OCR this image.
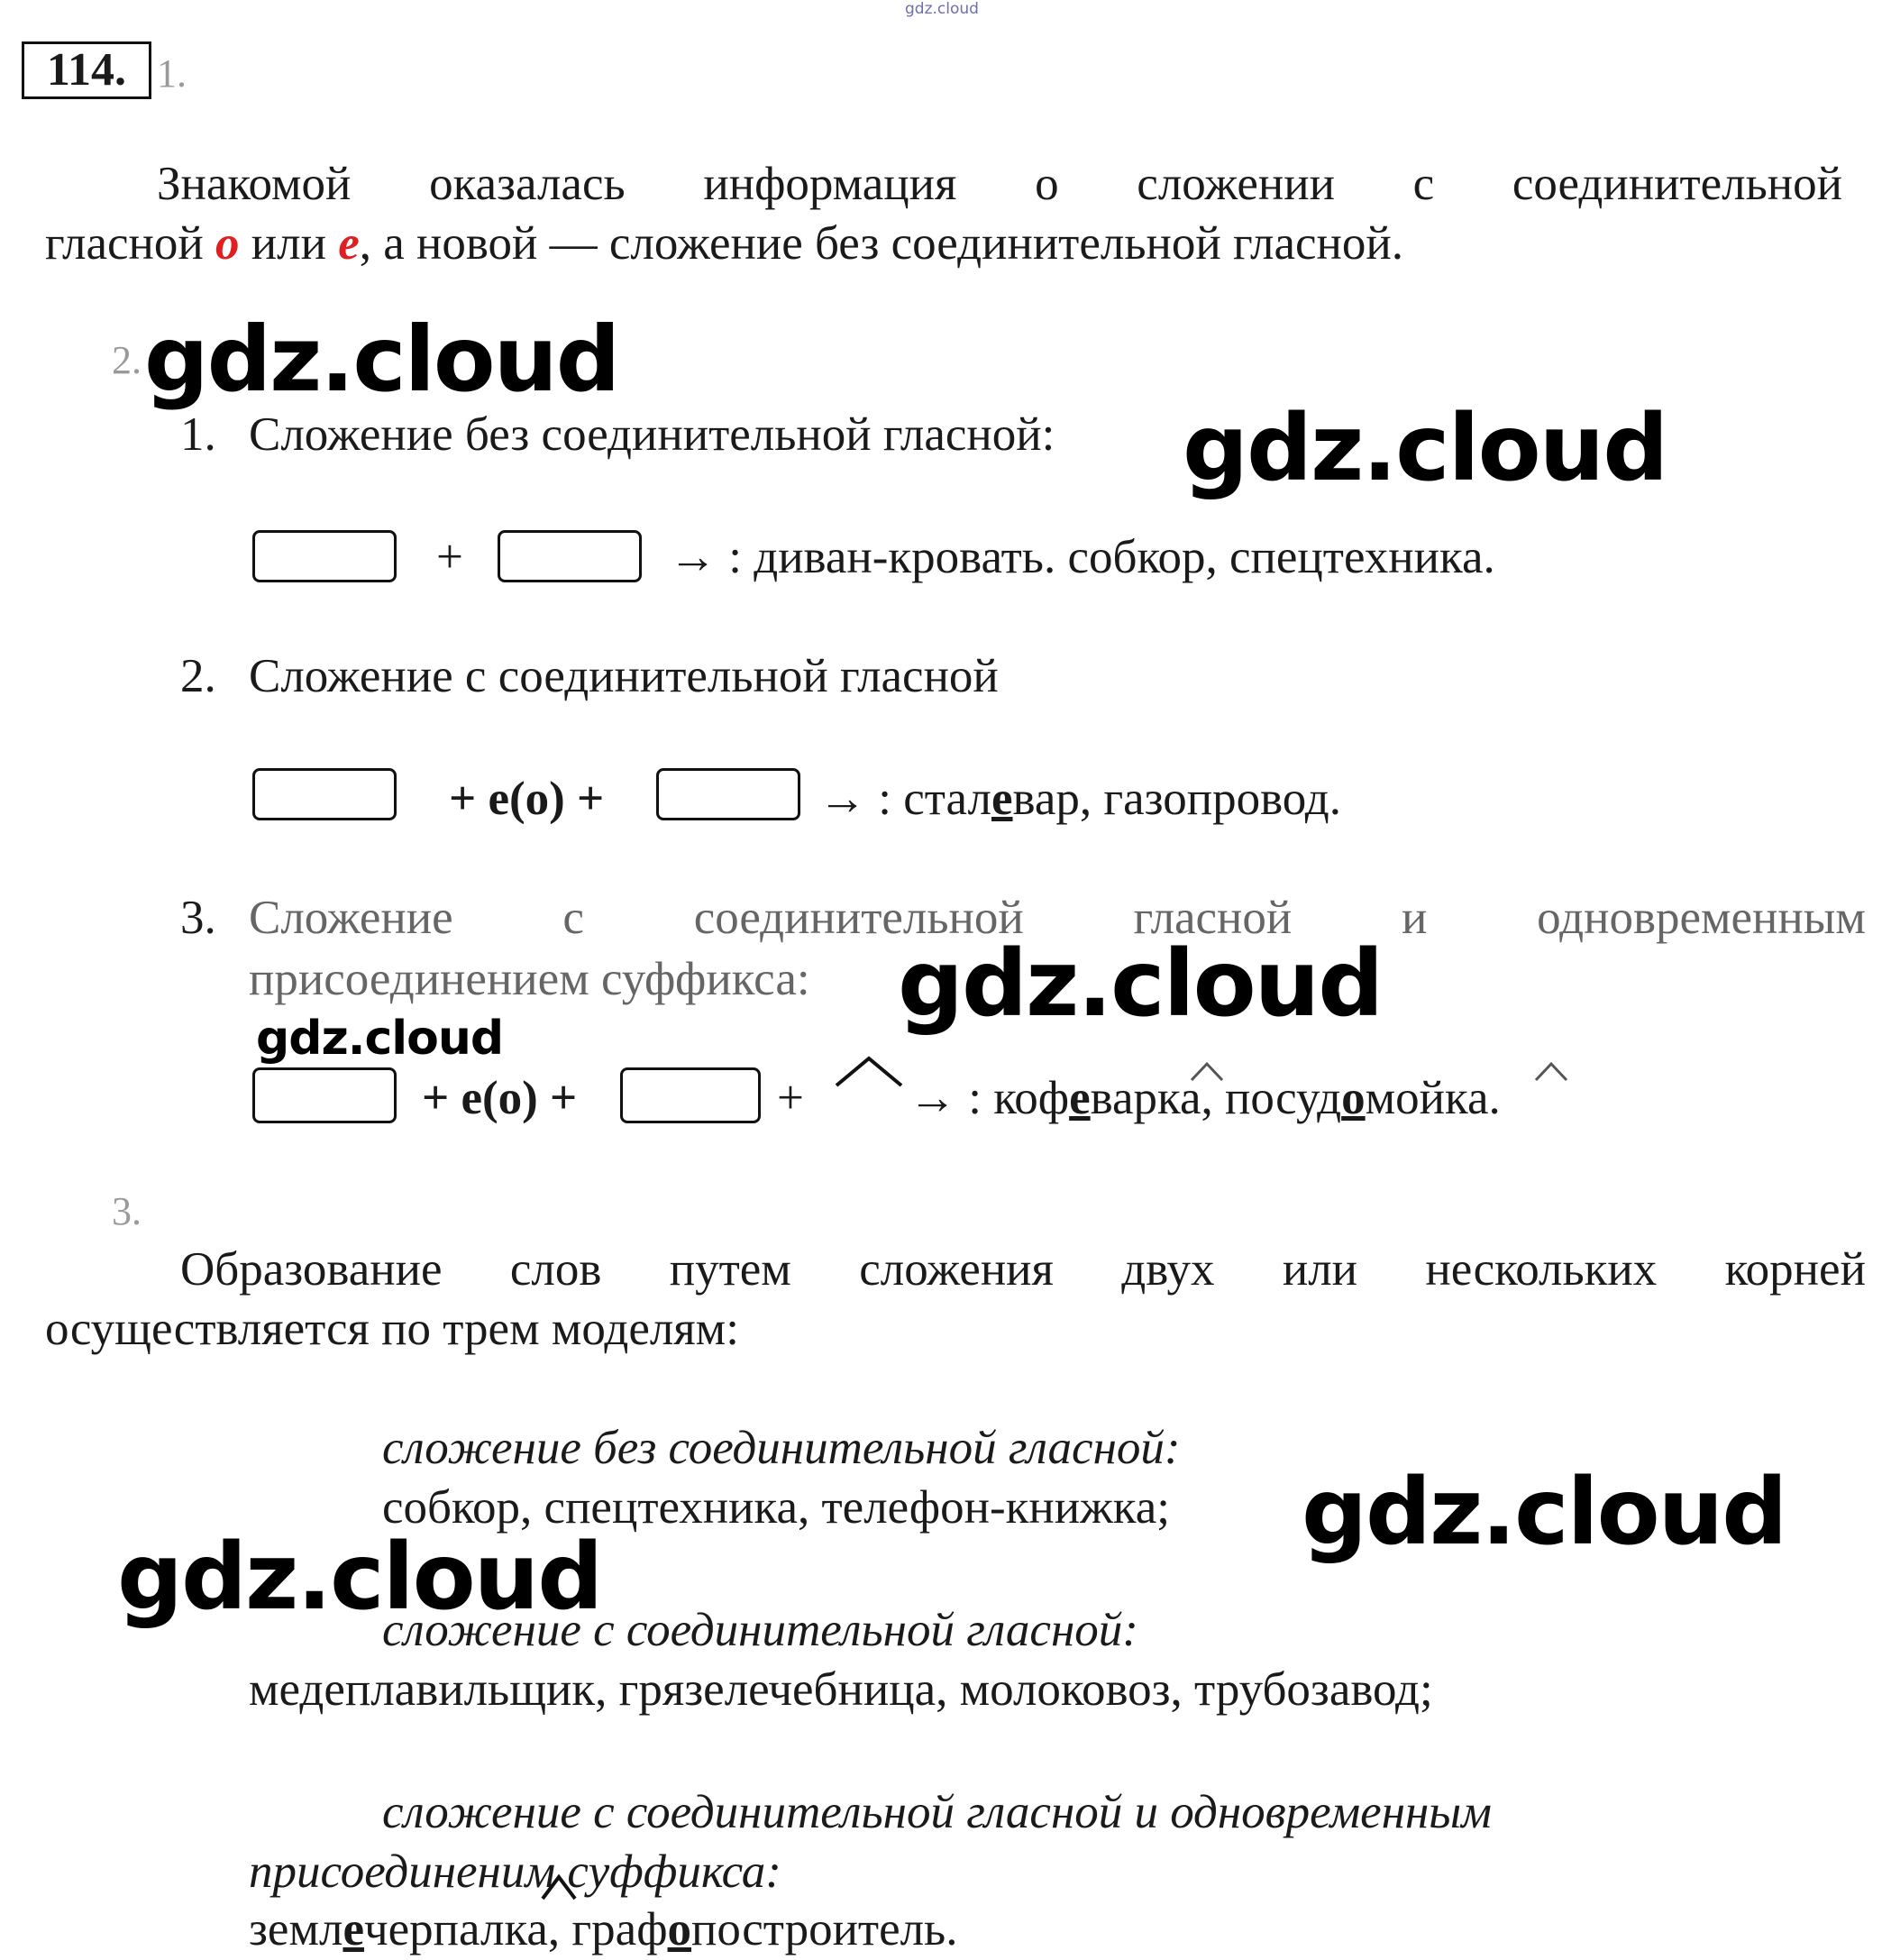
gdz.cloud
114. 1.
Знакомой оказалась информация о сложении с соединительной
гласной о или е, а новой — сложение без соединительной гласной.
2. gdz.cloud
1. Сложение без соединительной гласной: gdz.cloud
+	→ : диван-кровать. собкор, спецтехника.
2. Сложение с соединительной гласной
+ е(о) +	→ : сталевар, газопровод.
3. Сложение с соединительной гласной и одновременным
присоединением суффикса: gdz.cloud
gdz.cloud
+ е(о) +	+ → : кофеварка, посудомойка.
3.
Образование слов путем сложения двух или нескольких корней
осуществляется по трем моделям:
сложение без соединительной гласной:
собкор, спецтехника, телефон-книжка; gdz.cloud
gdz.cloud
сложение с соединительной гласной:
медеплавильщик, грязелечебница, молоковоз, трубозавод;
сложение с соединительной гласной и одновременным
присоединеним суффикса:
землечерпалка, графопостроитель.
